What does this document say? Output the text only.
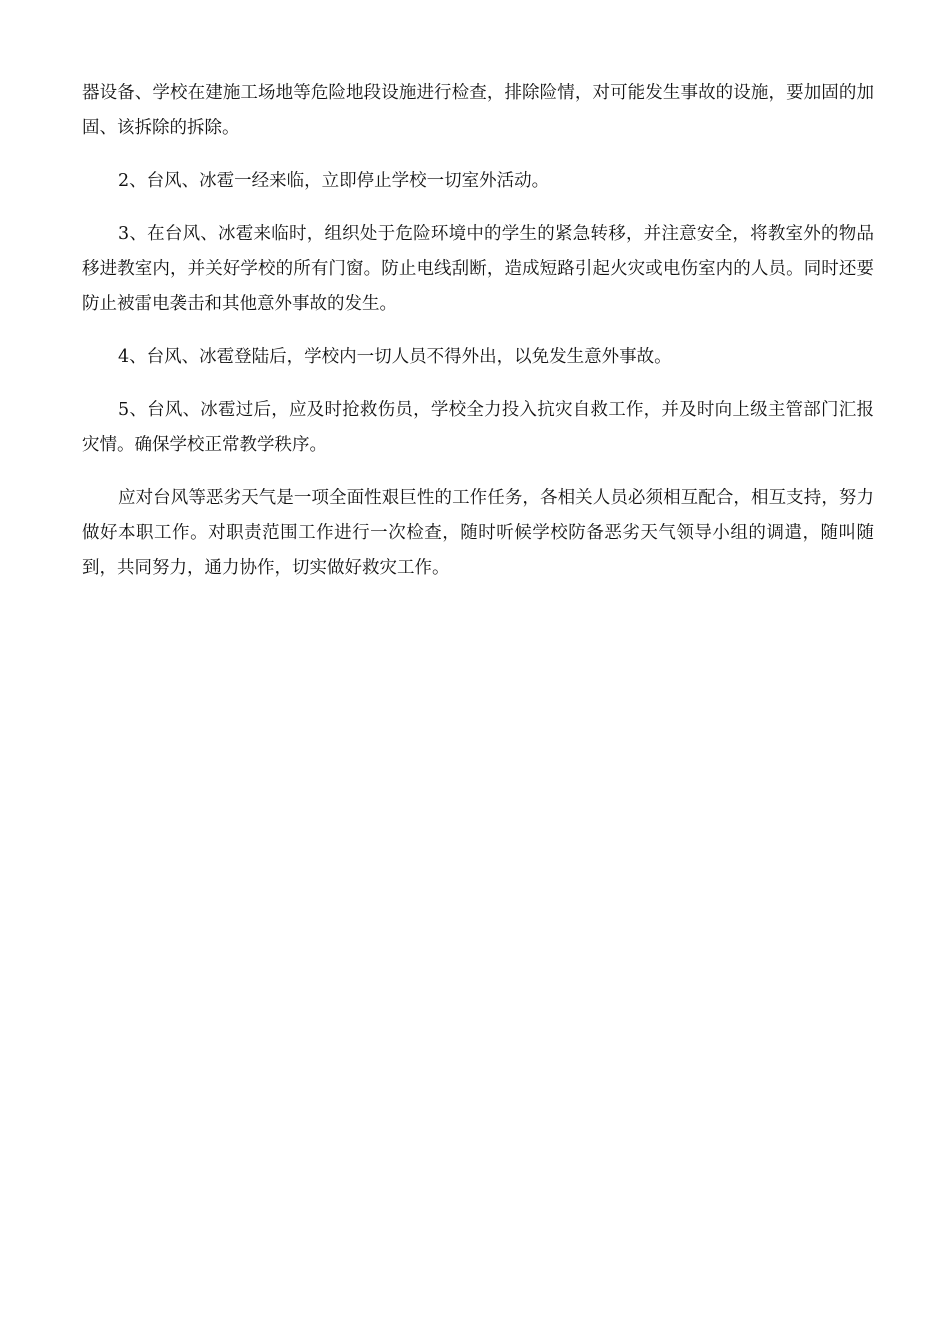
器设备、学校在建施工场地等危险地段设施进行检查，排除险情，对可能发生事故的设施，要加固的加固、该拆除的拆除。

2、台风、冰雹一经来临，立即停止学校一切室外活动。

3、在台风、冰雹来临时，组织处于危险环境中的学生的紧急转移，并注意安全，将教室外的物品移进教室内，并关好学校的所有门窗。防止电线刮断，造成短路引起火灾或电伤室内的人员。同时还要防止被雷电袭击和其他意外事故的发生。

4、台风、冰雹登陆后，学校内一切人员不得外出，以免发生意外事故。

5、台风、冰雹过后，应及时抢救伤员，学校全力投入抗灾自救工作，并及时向上级主管部门汇报灾情。确保学校正常教学秩序。

应对台风等恶劣天气是一项全面性艰巨性的工作任务，各相关人员必须相互配合，相互支持，努力做好本职工作。对职责范围工作进行一次检查，随时听候学校防备恶劣天气领导小组的调遣，随叫随到，共同努力，通力协作，切实做好救灾工作。
